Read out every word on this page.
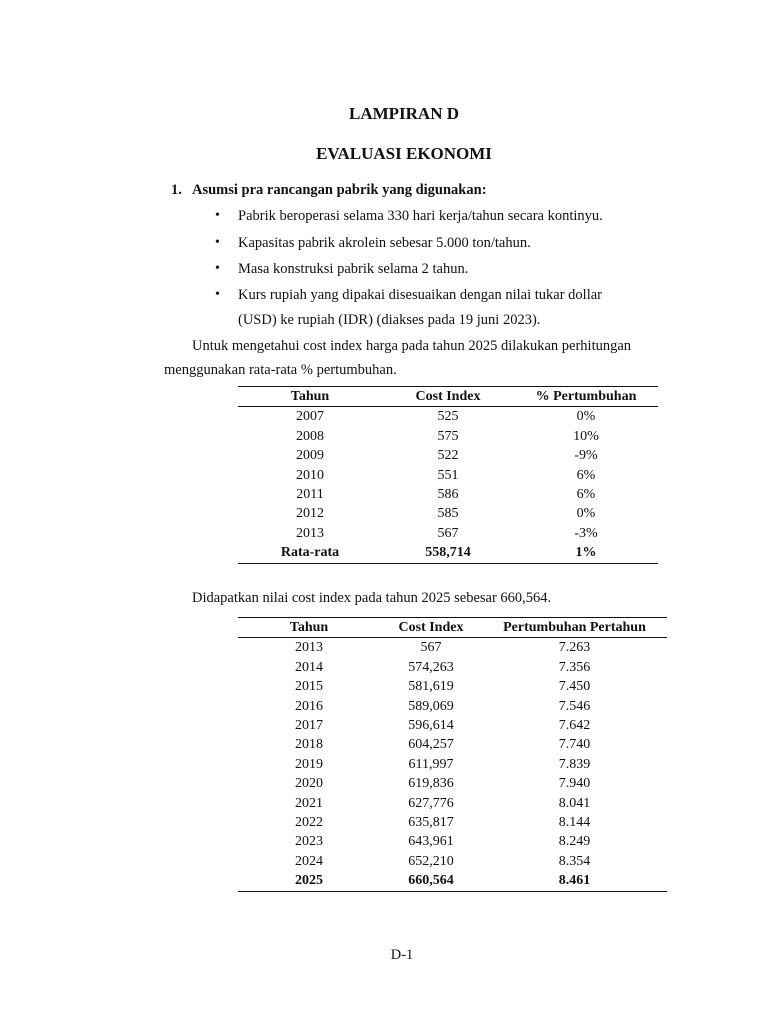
LAMPIRAN D
EVALUASI EKONOMI
1. Asumsi pra rancangan pabrik yang digunakan:
• Pabrik beroperasi selama 330 hari kerja/tahun secara kontinyu.
• Kapasitas pabrik akrolein sebesar 5.000 ton/tahun.
• Masa konstruksi pabrik selama 2 tahun.
• Kurs rupiah yang dipakai disesuaikan dengan nilai tukar dollar
(USD) ke rupiah (IDR) (diakses pada 19 juni 2023).
Untuk mengetahui cost index harga pada tahun 2025 dilakukan perhitungan
menggunakan rata-rata % pertumbuhan.
Tahun	Cost Index	% Pertumbuhan
2007	525	0%
2008	575	10%
2009	522	-9%
2010	551	6%
2011	586	6%
2012	585	0%
2013	567	-3%
Rata-rata	558,714	1%
Didapatkan nilai cost index pada tahun 2025 sebesar 660,564.
Tahun	Cost Index	Pertumbuhan Pertahun
2013	567	7.263
2014	574,263	7.356
2015	581,619	7.450
2016	589,069	7.546
2017	596,614	7.642
2018	604,257	7.740
2019	611,997	7.839
2020	619,836	7.940
2021	627,776	8.041
2022	635,817	8.144
2023	643,961	8.249
2024	652,210	8.354
2025	660,564	8.461
D-1
